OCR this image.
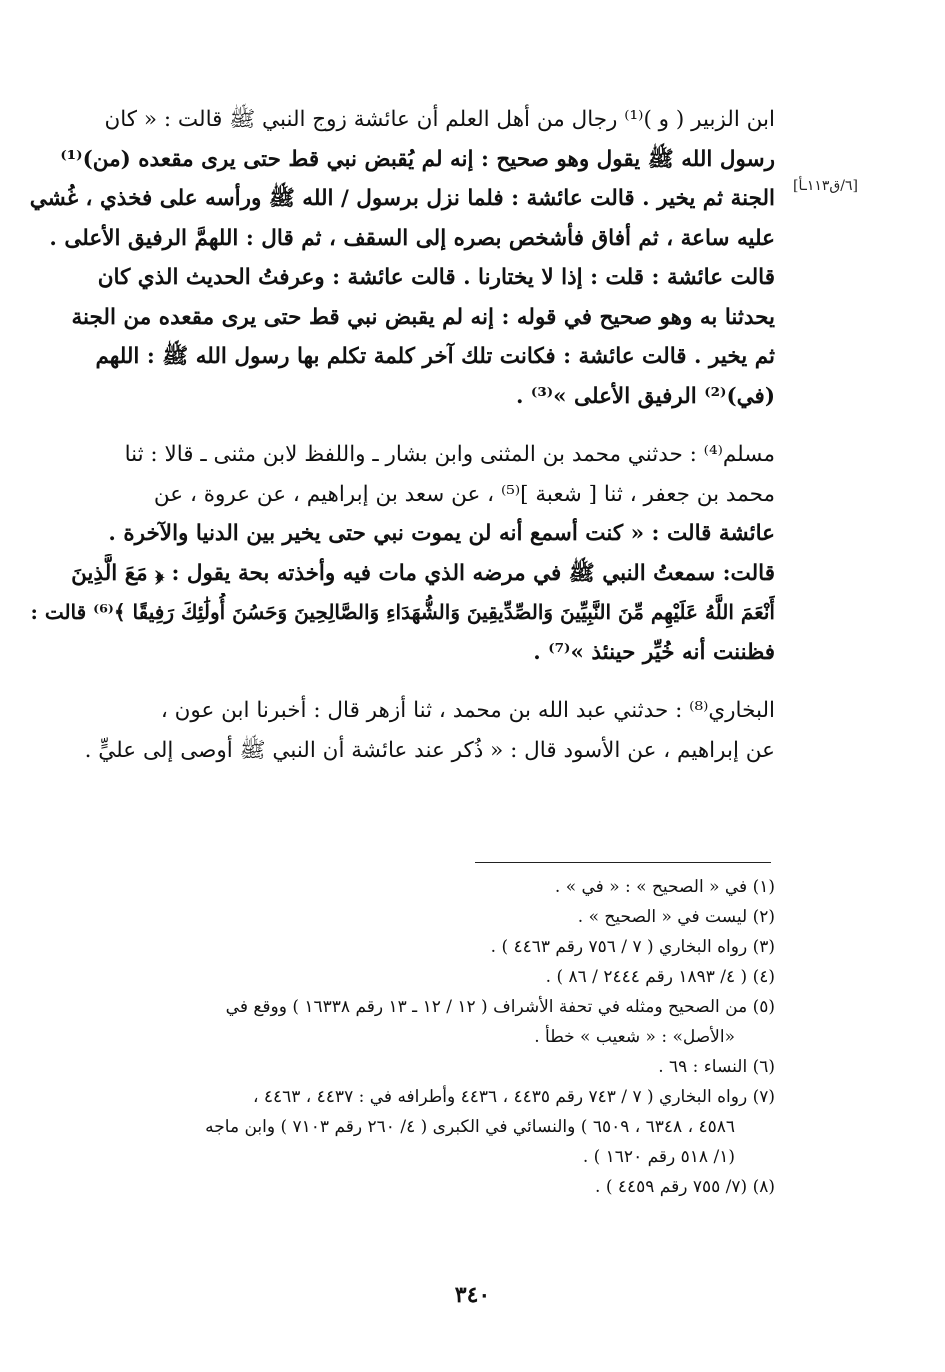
[٦/ق١١٣ـأ]
ابن الزبير ( و )⁽¹⁾ رجال من أهل العلم أن عائشة زوج النبي ﷺ قالت : « كان
رسول الله ﷺ يقول وهو صحيح : إنه لم يُقبض نبي قط حتى يرى مقعده (من)⁽¹⁾
الجنة ثم يخير . قالت عائشة : فلما نزل برسول / الله ﷺ ورأسه على فخذي ، غُشي
عليه ساعة ، ثم أفاق فأشخص بصره إلى السقف ، ثم قال : اللهمَّ الرفيق الأعلى .
قالت عائشة : قلت : إذا لا يختارنا . قالت عائشة : وعرفتُ الحديث الذي كان
يحدثنا به وهو صحيح في قوله : إنه لم يقبض نبي قط حتى يرى مقعده من الجنة
ثم يخير . قالت عائشة : فكانت تلك آخر كلمة تكلم بها رسول الله ﷺ : اللهم
(في)⁽²⁾ الرفيق الأعلى »⁽³⁾ .
مسلم⁽⁴⁾ : حدثني محمد بن المثنى وابن بشار ـ واللفظ لابن مثنى ـ قالا : ثنا
محمد بن جعفر ، ثنا [ شعبة ]⁽⁵⁾ ، عن سعد بن إبراهيم ، عن عروة ، عن
عائشة قالت : « كنت أسمع أنه لن يموت نبي حتى يخير بين الدنيا والآخرة .
قالت: سمعتُ النبي ﷺ في مرضه الذي مات فيه وأخذته بحة يقول : ﴿ مَعَ الَّذِينَ
أَنْعَمَ اللَّهُ عَلَيْهِم مِّنَ النَّبِيِّينَ وَالصِّدِّيقِينَ وَالشُّهَدَاءِ وَالصَّالِحِينَ وَحَسُنَ أُولَٰئِكَ رَفِيقًا ﴾⁽⁶⁾ قالت :
فظننت أنه خُيِّر حينئذ »⁽⁷⁾ .
البخاري⁽⁸⁾ : حدثني عبد الله بن محمد ، ثنا أزهر قال : أخبرنا ابن عون ،
عن إبراهيم ، عن الأسود قال : « ذُكر عند عائشة أن النبي ﷺ أوصى إلى عليٍّ .
(١) في « الصحيح » : « في » .
(٢) ليست في « الصحيح » .
(٣) رواه البخاري ( ٧ / ٧٥٦ رقم ٤٤٦٣ ) .
(٤) ( ٤/ ١٨٩٣ رقم ٢٤٤٤ / ٨٦ ) .
(٥) من الصحيح ومثله في تحفة الأشراف ( ١٢ / ١٢ ـ ١٣ رقم ١٦٣٣٨ ) ووقع في
«الأصل» : « شعيب » خطأ .
(٦) النساء : ٦٩ .
(٧) رواه البخاري ( ٧ / ٧٤٣ رقم ٤٤٣٥ ، ٤٤٣٦ وأطرافه في : ٤٤٣٧ ، ٤٤٦٣ ،
٤٥٨٦ ، ٦٣٤٨ ، ٦٥٠٩ ) والنسائي في الكبرى ( ٤/ ٢٦٠ رقم ٧١٠٣ ) وابن ماجه
(١/ ٥١٨ رقم ١٦٢٠ ) .
(٨) (٧/ ٧٥٥ رقم ٤٤٥٩ ) .
٣٤٠
